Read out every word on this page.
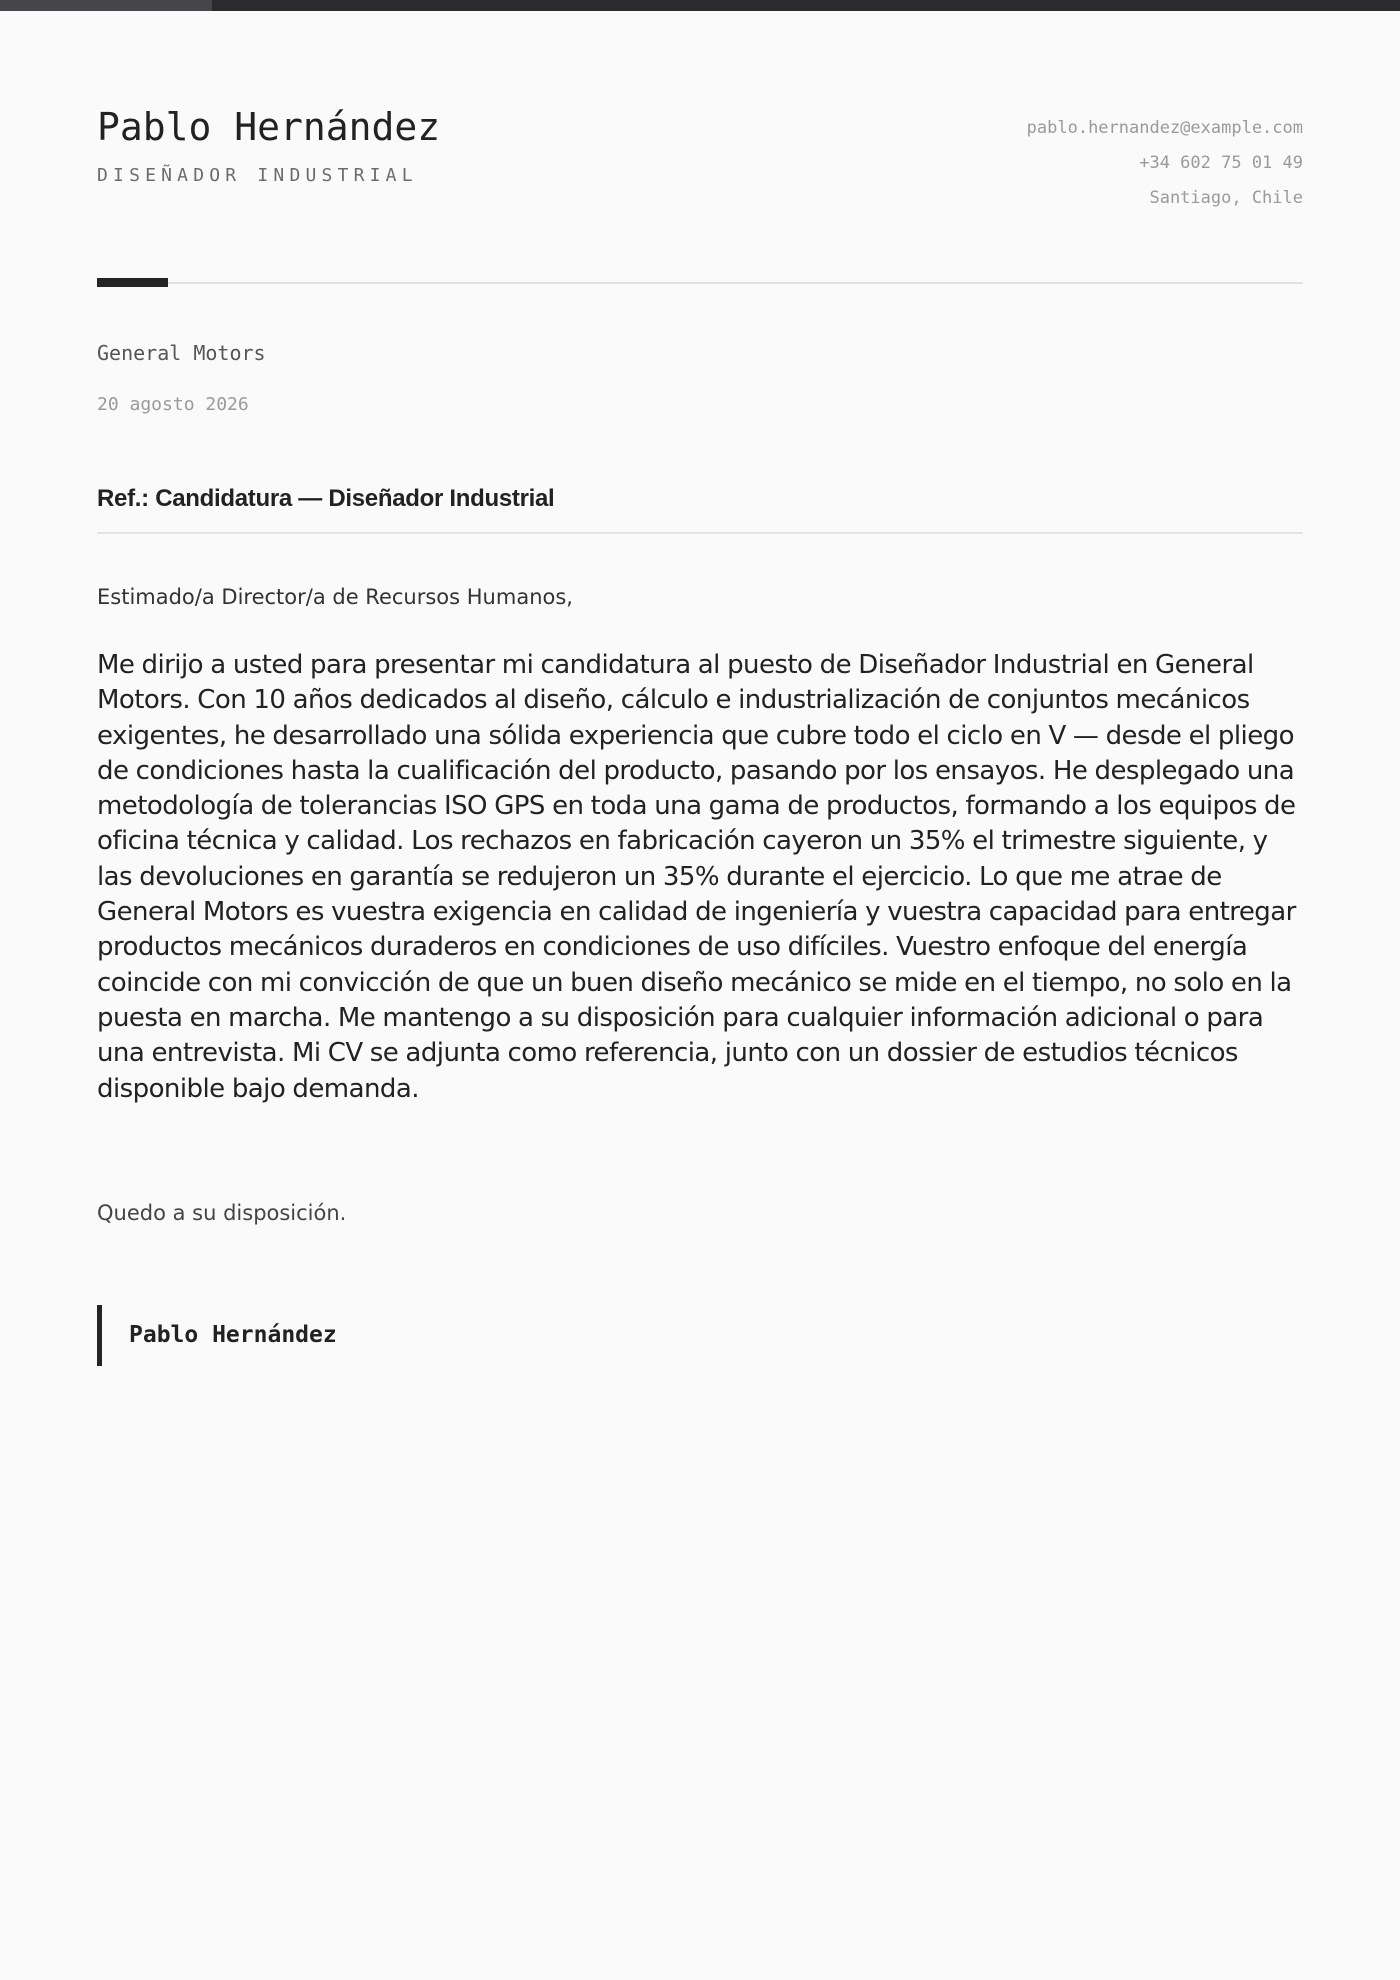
Pablo Hernández
DISEÑADOR INDUSTRIAL
pablo.hernandez@example.com
+34 602 75 01 49
Santiago, Chile
General Motors
20 agosto 2026
Ref.: Candidatura — Diseñador Industrial
Estimado/a Director/a de Recursos Humanos,

Me dirijo a usted para presentar mi candidatura al puesto de Diseñador Industrial en General Motors. Con 10 años dedicados al diseño, cálculo e industrialización de conjuntos mecánicos exigentes, he desarrollado una sólida experiencia que cubre todo el ciclo en V — desde el pliego de condiciones hasta la cualificación del producto, pasando por los ensayos. He desplegado una metodología de tolerancias ISO GPS en toda una gama de productos, formando a los equipos de oficina técnica y calidad. Los rechazos en fabricación cayeron un 35% el trimestre siguiente, y las devoluciones en garantía se redujeron un 35% durante el ejercicio. Lo que me atrae de General Motors es vuestra exigencia en calidad de ingeniería y vuestra capacidad para entregar productos mecánicos duraderos en condiciones de uso difíciles. Vuestro enfoque del energía coincide con mi convicción de que un buen diseño mecánico se mide en el tiempo, no solo en la puesta en marcha. Me mantengo a su disposición para cualquier información adicional o para una entrevista. Mi CV se adjunta como referencia, junto con un dossier de estudios técnicos disponible bajo demanda.

Quedo a su disposición.
Pablo Hernández
